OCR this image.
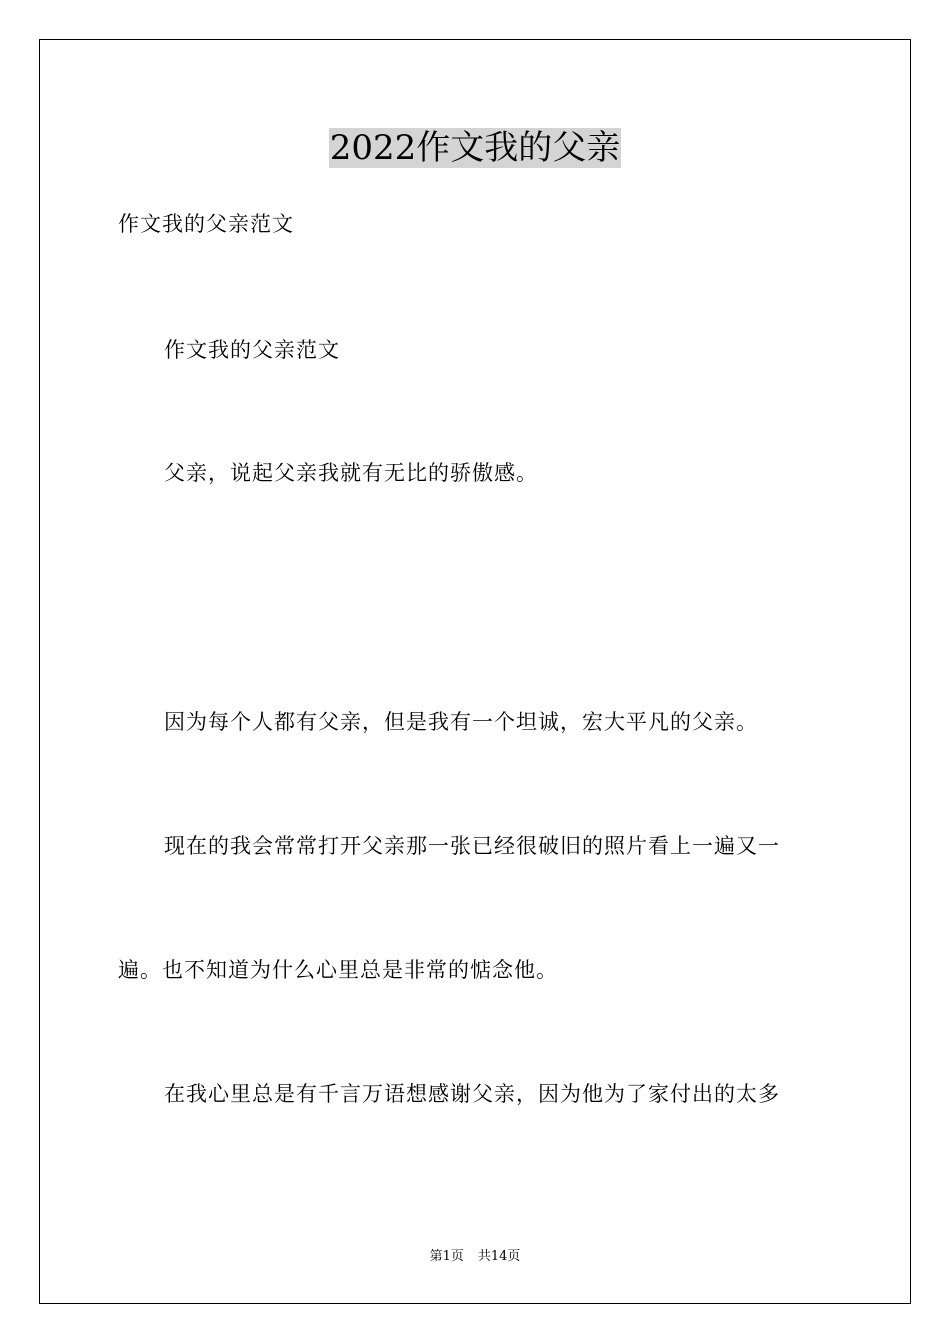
2022作文我的父亲
作文我的父亲范文
作文我的父亲范文
父亲，说起父亲我就有无比的骄傲感。
因为每个人都有父亲，但是我有一个坦诚，宏大平凡的父亲。
现在的我会常常打开父亲那一张已经很破旧的照片看上一遍又一
遍。也不知道为什么心里总是非常的惦念他。
在我心里总是有千言万语想感谢父亲，因为他为了家付出的太多
第1页 共14页
